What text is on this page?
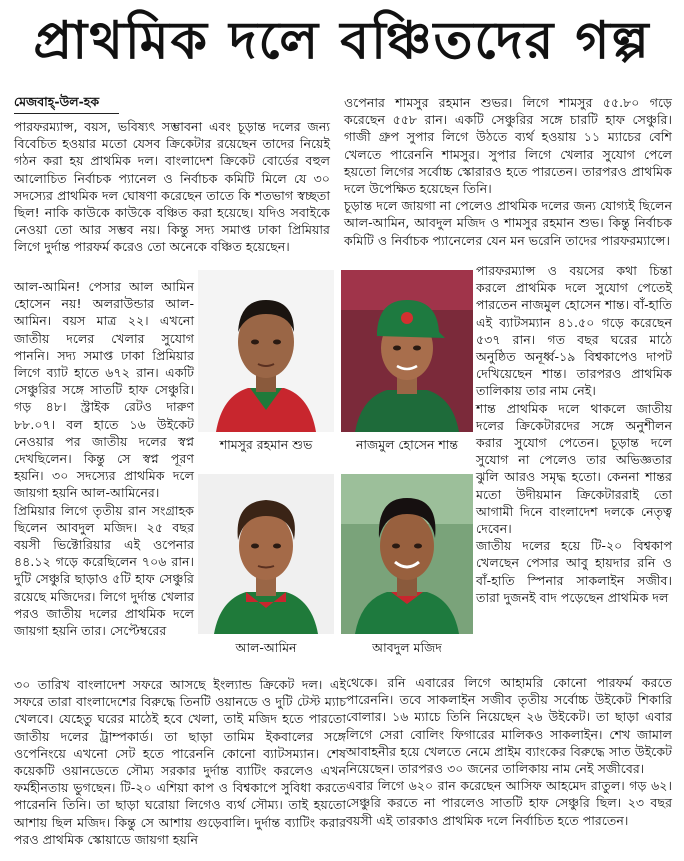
প্রাথমিক দলে বঞ্চিতদের গল্প
মেজবাহ্-উল-হক

পারফরম্যান্স, বয়স, ভবিষ্যৎ সম্ভাবনা এবং চূড়ান্ত দলের জন্য বিবেচিত হওয়ার মতো যেসব ক্রিকেটার রয়েছেন তাদের নিয়েই গঠন করা হয় প্রাথমিক দল। বাংলাদেশ ক্রিকেট বোর্ডের বহুল আলোচিত নির্বাচক প্যানেল ও নির্বাচক কমিটি মিলে যে ৩০ সদস্যের প্রাথমিক দল ঘোষণা করেছেন তাতে কি শতভাগ স্বচ্ছতা ছিল! নাকি কাউকে কাউকে বঞ্চিত করা হয়েছে। যদিও সবাইকে নেওয়া তো আর সম্ভব নয়। কিন্তু সদ্য সমাপ্ত ঢাকা প্রিমিয়ার লিগে দুর্দান্ত পারফর্ম করেও তো অনেকে বঞ্চিত হয়েছেন।

আল-আমিন! পেসার আল আমিন হোসেন নয়! অলরাউন্ডার আল-আমিন। বয়স মাত্র ২২। এখনো জাতীয় দলের খেলার সুযোগ পাননি। সদ্য সমাপ্ত ঢাকা প্রিমিয়ার লিগে ব্যাট হাতে ৬৭২ রান। একটি সেঞ্চুরির সঙ্গে সাতটি হাফ সেঞ্চুরি। গড় ৪৮। স্ট্রাইক রেটও দারুণ ৮৮.০৭। বল হাতে ১৬ উইকেট নেওয়ার পর জাতীয় দলের স্বপ্ন দেখছিলেন। কিন্তু সে স্বপ্ন পূরণ হয়নি। ৩০ সদস্যের প্রাথমিক দলে জায়গা হয়নি আল-আমিনের।

প্রিমিয়ার লিগে তৃতীয় রান সংগ্রাহক ছিলেন আবদুল মজিদ। ২৫ বছর বয়সী ভিক্টোরিয়ার এই ওপেনার ৪৪.১২ গড়ে করেছিলেন ৭০৬ রান। দুটি সেঞ্চুরি ছাড়াও ৫টি হাফ সেঞ্চুরি রয়েছে মজিদের। লিগে দুর্দান্ত খেলার পরও জাতীয় দলের প্রাথমিক দলে জায়গা হয়নি তার। সেপ্টেম্বরের

৩০ তারিখ বাংলাদেশ সফরে আসছে ইংল্যান্ড ক্রিকেট দল। এই সফরে তারা বাংলাদেশের বিরুদ্ধে তিনটি ওয়ানডে ও দুটি টেস্ট ম্যাচ খেলবে। যেহেতু ঘরের মাঠেই হবে খেলা, তাই মজিদ হতে পারতো জাতীয় দলের ট্রাম্পকার্ড। তা ছাড়া তামিম ইকবালের সঙ্গে ওপেনিংয়ে এখনো সেট হতে পারেননি কোনো ব্যাটসম্যান। শেষ কয়েকটি ওয়ানডেতে সৌম্য সরকার দুর্দান্ত ব্যাটিং করলেও এখন ফর্মহীনতায় ভুগছেন। টি-২০ এশিয়া কাপ ও বিশ্বকাপে সুবিধা করতে পারেননি তিনি। তা ছাড়া ঘরোয়া লিগেও ব্যর্থ সৌম্য। তাই হয়তো আশায় ছিল মজিদ। কিন্তু সে আশায় গুড়েবালি। দুর্দান্ত ব্যাটিং করার পরও প্রাথমিক স্কোয়াডে জায়গা হয়নি

ওপেনার শামসুর রহমান শুভর। লিগে শামসুর ৫৫.৮০ গড়ে করেছেন ৫৫৮ রান। একটি সেঞ্চুরির সঙ্গে চারটি হাফ সেঞ্চুরি। গাজী গ্রুপ সুপার লিগে উঠতে ব্যর্থ হওয়ায় ১১ ম্যাচের বেশি খেলতে পারেননি শামসুর। সুপার লিগে খেলার সুযোগ পেলে হয়তো লিগের সর্বোচ্চ স্কোরারও হতে পারতেন। তারপরও প্রাথমিক দলে উপেক্ষিত হয়েছেন তিনি।

চূড়ান্ত দলে জায়গা না পেলেও প্রাথমিক দলের জন্য যোগ্যই ছিলেন আল-আমিন, আবদুল মজিদ ও শামসুর রহমান শুভ। কিন্তু নির্বাচক কমিটি ও নির্বাচক প্যানেলের যেন মন ভরেনি তাদের পারফরম্যান্সে।

পারফরম্যান্স ও বয়সের কথা চিন্তা করলে প্রাথমিক দলে সুযোগ পেতেই পারতেন নাজমুল হোসেন শান্ত। বাঁ-হাতি এই ব্যাটসম্যান ৪১.৫০ গড়ে করেছেন ৫৩৭ রান। গত বছর ঘরের মাঠে অনুষ্ঠিত অনূর্ধ্ব-১৯ বিশ্বকাপেও দাপট দেখিয়েছেন শান্ত। তারপরও প্রাথমিক তালিকায় তার নাম নেই।

শান্ত প্রাথমিক দলে থাকলে জাতীয় দলের ক্রিকেটারদের সঙ্গে অনুশীলন করার সুযোগ পেতেন। চূড়ান্ত দলে সুযোগ না পেলেও তার অভিজ্ঞতার ঝুলি আরও সমৃদ্ধ হতো। কেননা শান্তর মতো উদীয়মান ক্রিকেটাররাই তো আগামী দিনে বাংলাদেশ দলকে নেতৃত্ব দেবেন।

জাতীয় দলের হয়ে টি-২০ বিশ্বকাপ খেলছেন পেসার আবু হায়দার রনি ও বাঁ-হাতি স্পিনার সাকলাইন সজীব। তারা দুজনই বাদ পড়েছেন প্রাথমিক দল

থেকে। রনি এবারের লিগে আহামরি কোনো পারফর্ম করতে পারেননি। তবে সাকলাইন সজীব তৃতীয় সর্বোচ্চ উইকেট শিকারি বোলার। ১৬ ম্যাচে তিনি নিয়েছেন ২৬ উইকেট। তা ছাড়া এবার লিগে সেরা বোলিং ফিগারের মালিকও সাকলাইন। শেখ জামাল আবাহনীর হয়ে খেলতে নেমে প্রাইম ব্যাংকের বিরুদ্ধে সাত উইকেট নিয়েছেন। তারপরও ৩০ জনের তালিকায় নাম নেই সজীবের।

এবার লিগে ৬২০ রান করেছেন আসিফ আহমেদ রাতুল। গড় ৬২। সেঞ্চুরি করতে না পারলেও সাতটি হাফ সেঞ্চুরি ছিল। ২৩ বছর বয়সী এই তারকাও প্রাথমিক দলে নির্বাচিত হতে পারতেন।

শামসুর রহমান শুভ	নাজমুল হোসেন শান্ত
আল-আমিন	আবদুল মজিদ
